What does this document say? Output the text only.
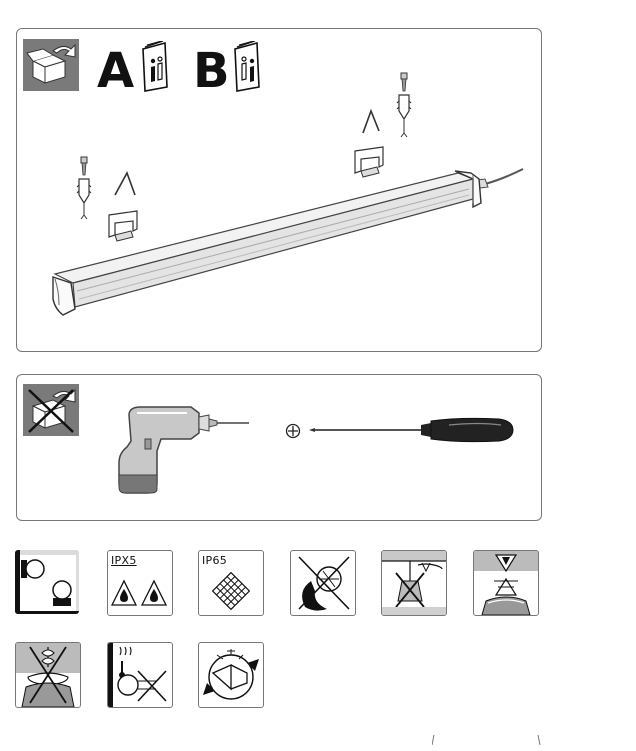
A B
IPX5	IP65
